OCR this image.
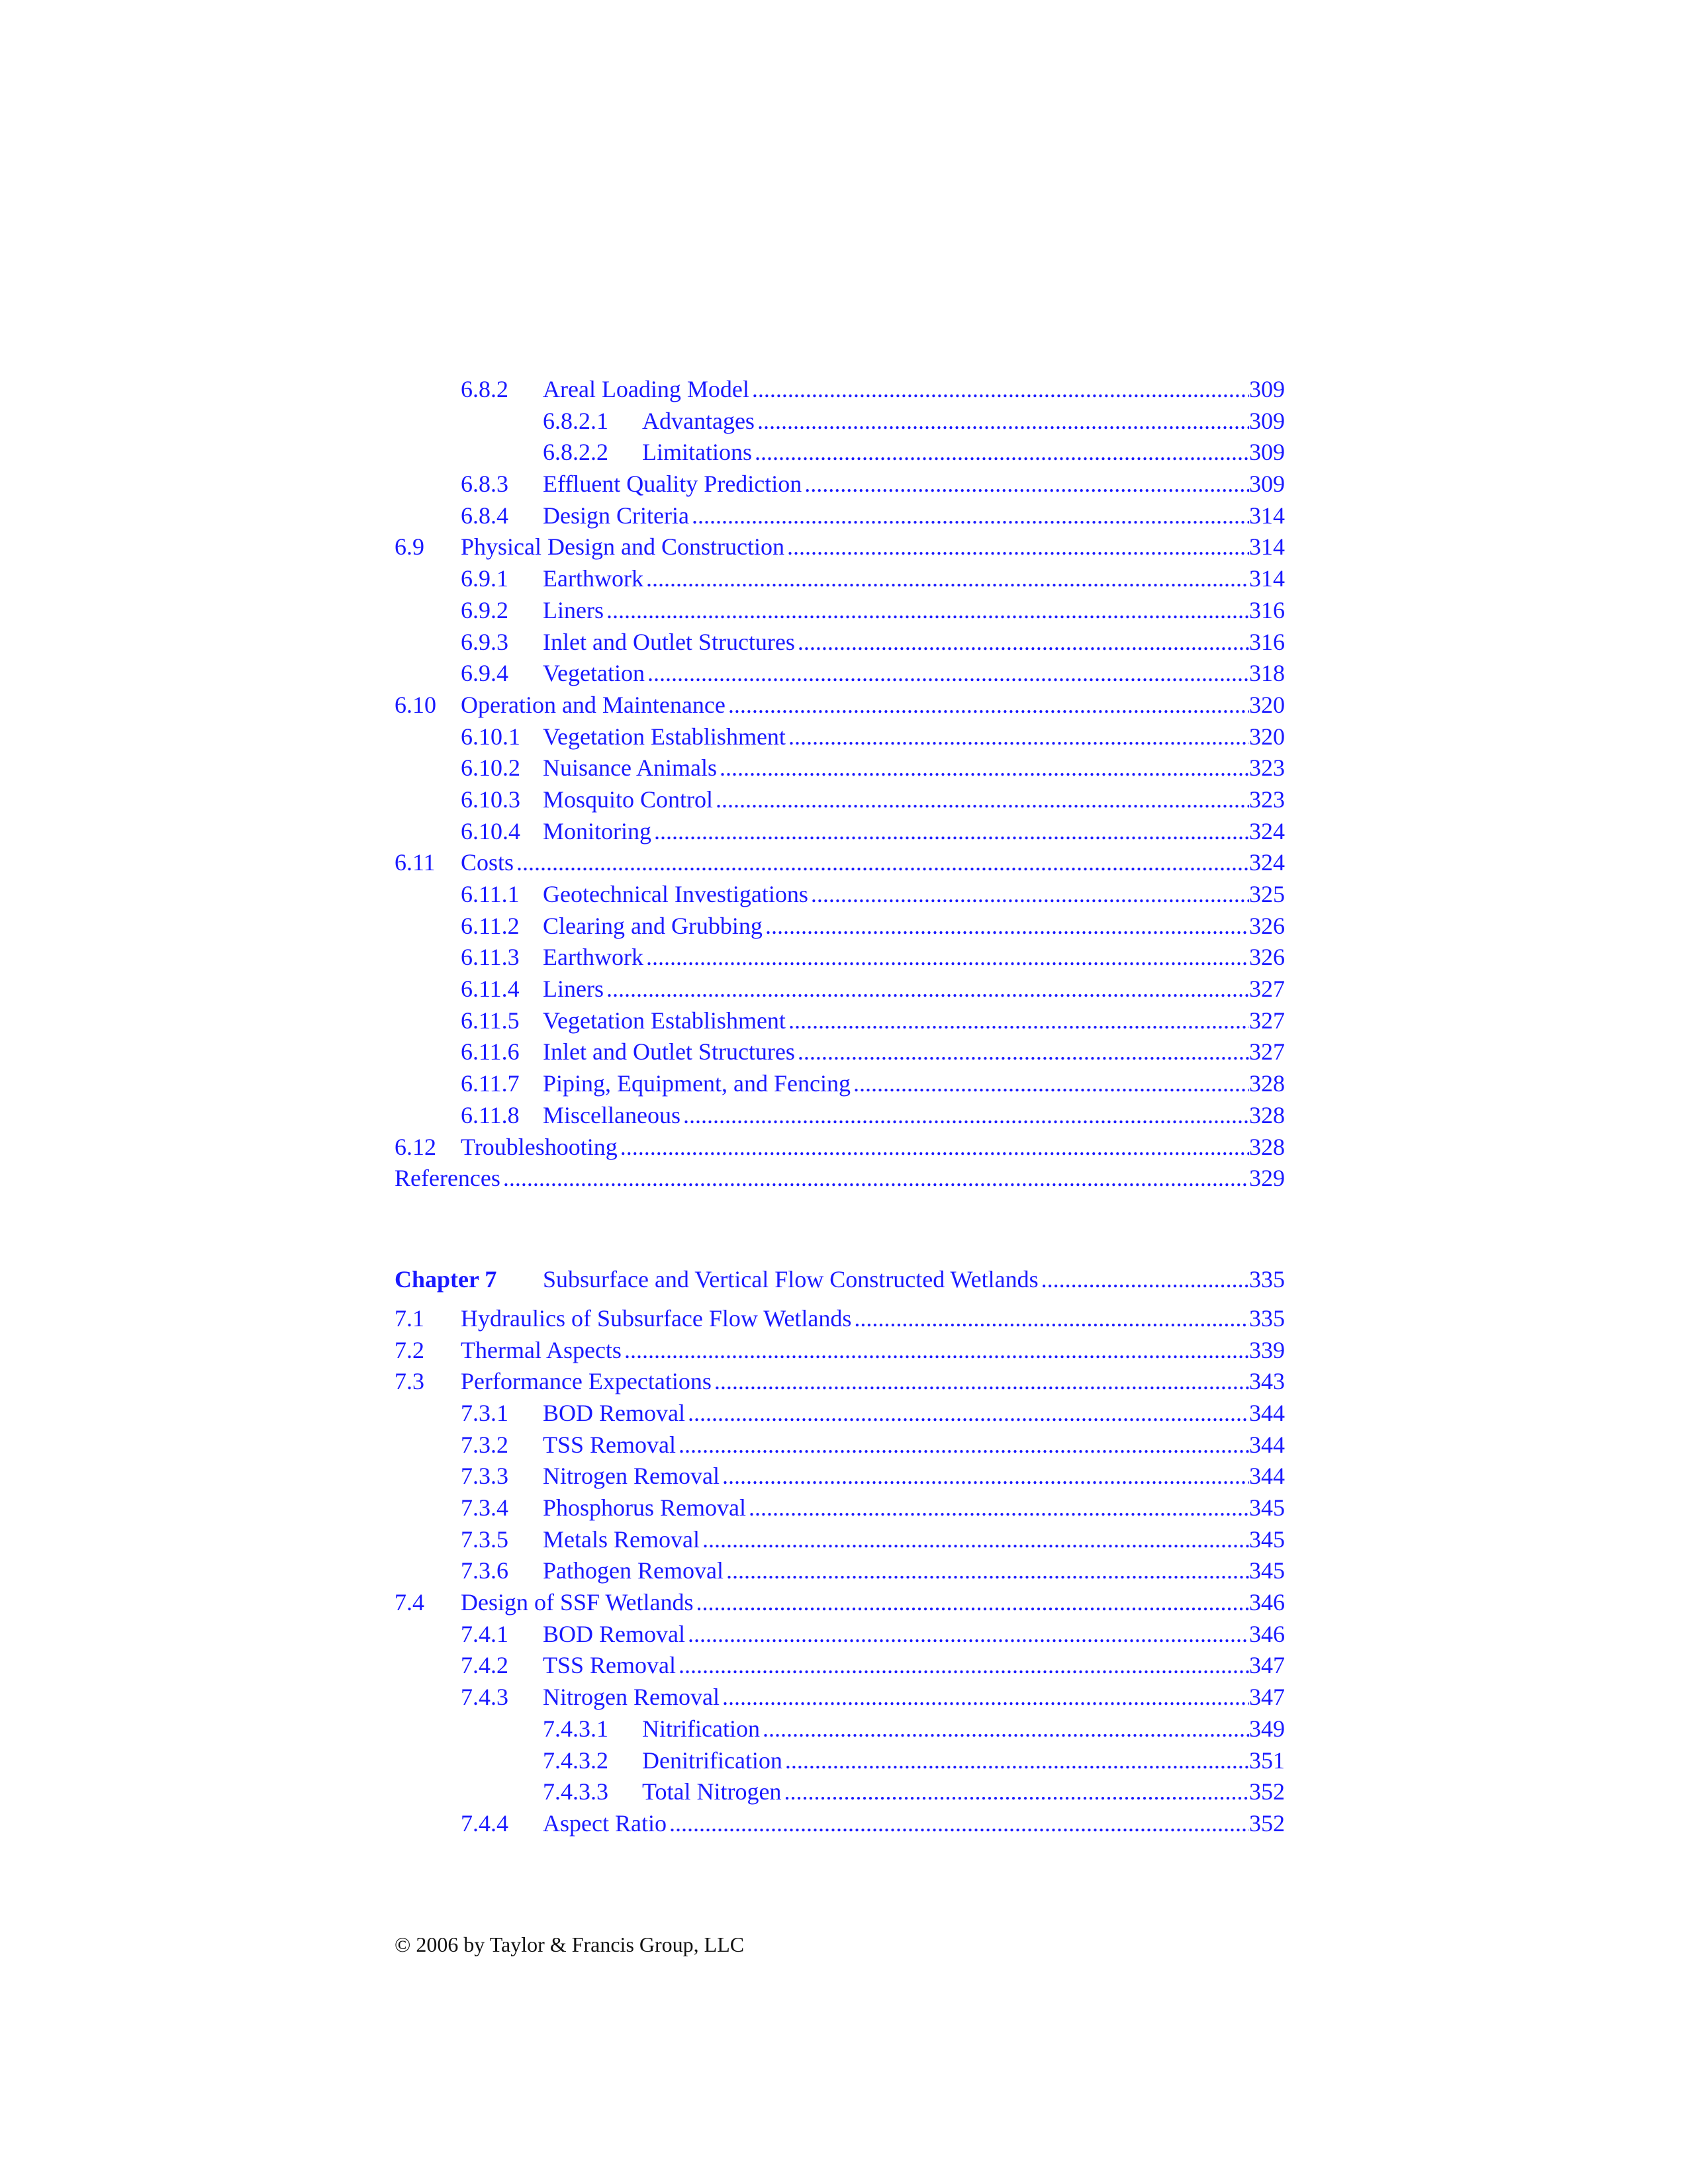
6.8.2	Areal Loading Model .....	309
6.8.2.1	Advantages .....	309
6.8.2.2	Limitations .....	309
6.8.3	Effluent Quality Prediction .....	309
6.8.4	Design Criteria .....	314
6.9	Physical Design and Construction .....	314
6.9.1	Earthwork .....	314
6.9.2	Liners .....	316
6.9.3	Inlet and Outlet Structures .....	316
6.9.4	Vegetation .....	318
6.10	Operation and Maintenance .....	320
6.10.1 Vegetation Establishment .....	320
6.10.2 Nuisance Animals .....	323
6.10.3 Mosquito Control .....	323
6.10.4 Monitoring .....	324
6.11	Costs .....	324
6.11.1 Geotechnical Investigations .....	325
6.11.2 Clearing and Grubbing .....	326
6.11.3 Earthwork .....	326
6.11.4 Liners .....	327
6.11.5 Vegetation Establishment .....	327
6.11.6 Inlet and Outlet Structures .....	327
6.11.7 Piping, Equipment, and Fencing .....	328
6.11.8 Miscellaneous .....	328
6.12	Troubleshooting .....	328
References .....	329
Chapter 7	Subsurface and Vertical Flow Constructed Wetlands .....	335
7.1	Hydraulics of Subsurface Flow Wetlands .....	335
7.2	Thermal Aspects .....	339
7.3	Performance Expectations .....	343
7.3.1	BOD Removal .....	344
7.3.2	TSS Removal .....	344
7.3.3	Nitrogen Removal .....	344
7.3.4	Phosphorus Removal .....	345
7.3.5	Metals Removal .....	345
7.3.6	Pathogen Removal .....	345
7.4	Design of SSF Wetlands .....	346
7.4.1	BOD Removal .....	346
7.4.2	TSS Removal .....	347
7.4.3	Nitrogen Removal .....	347
7.4.3.1	Nitrification .....	349
7.4.3.2	Denitrification .....	351
7.4.3.3	Total Nitrogen .....	352
7.4.4	Aspect Ratio .....	352
© 2006 by Taylor & Francis Group, LLC
